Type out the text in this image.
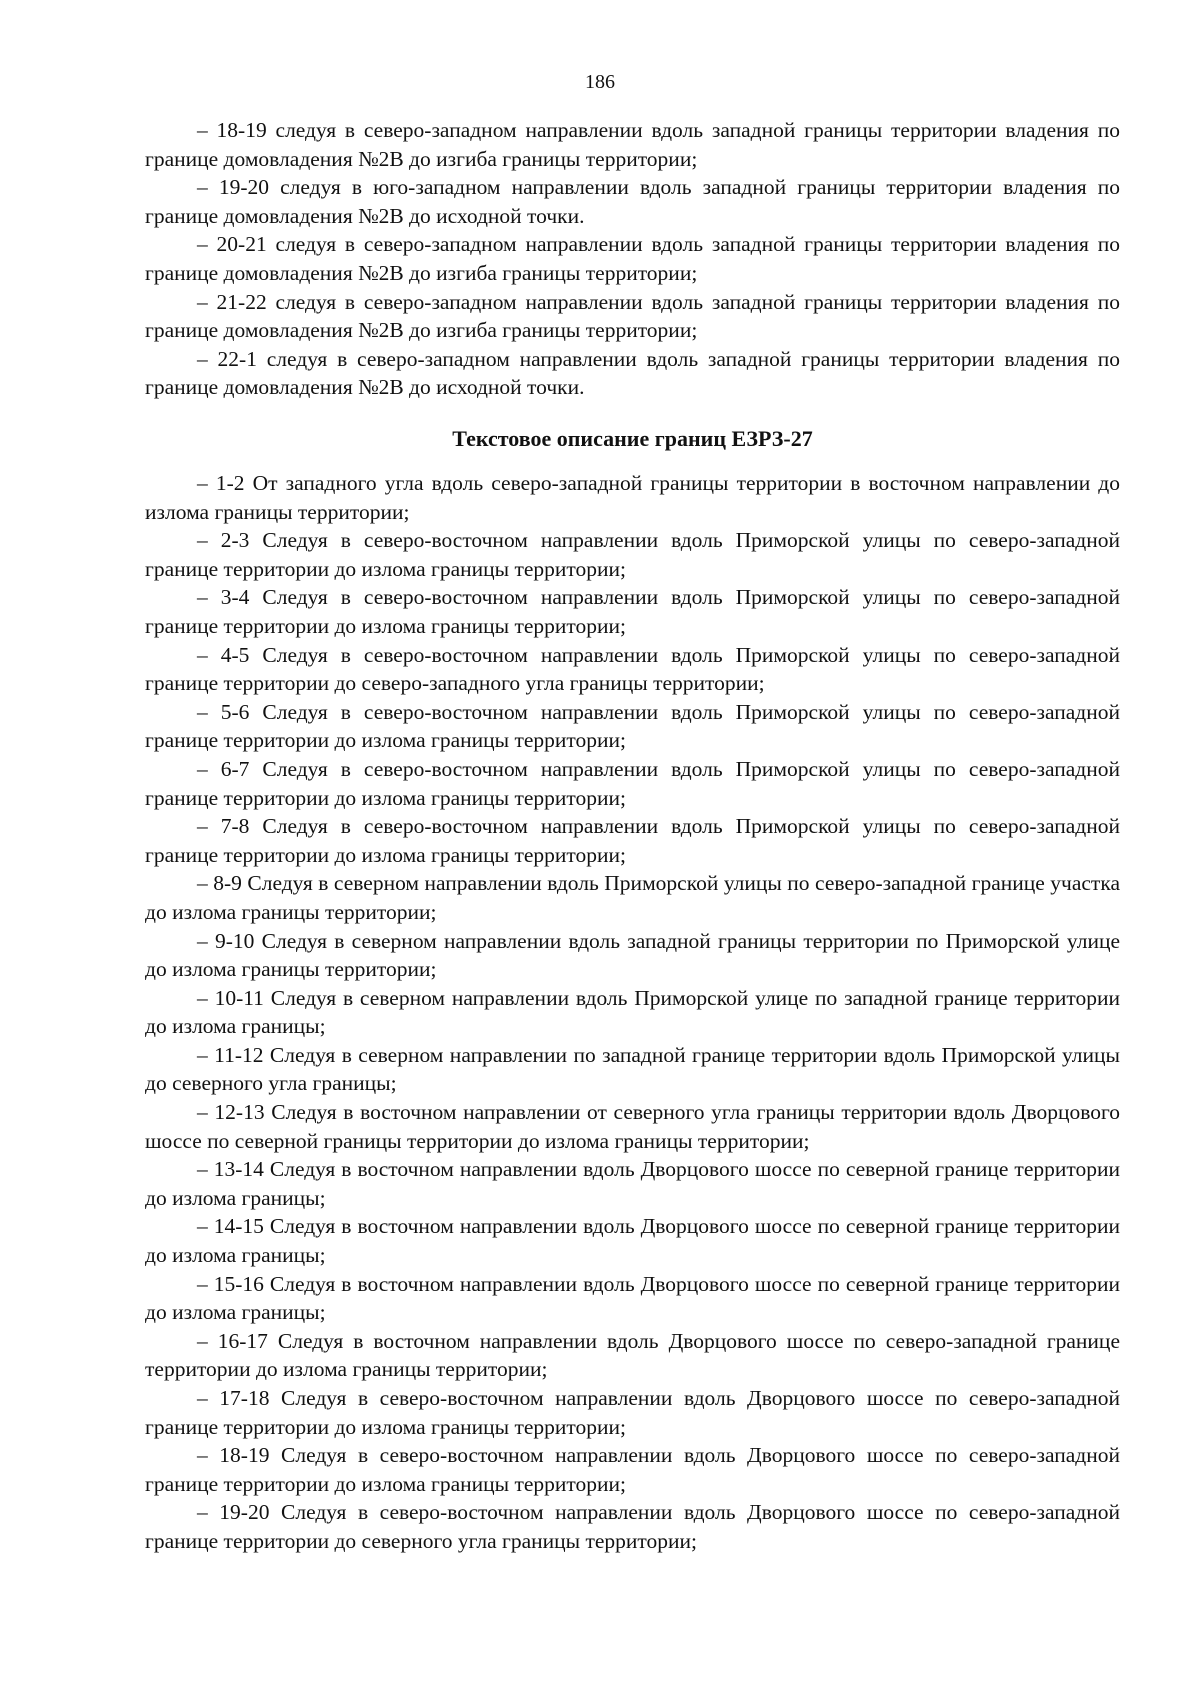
186

– 18-19 следуя в северо-западном направлении вдоль западной границы территории владения по границе домовладения №2В до изгиба границы территории;

– 19-20 следуя в юго-западном направлении вдоль западной границы территории владения по границе домовладения №2В до исходной точки.

– 20-21 следуя в северо-западном направлении вдоль западной границы территории владения по границе домовладения №2В до изгиба границы территории;

– 21-22 следуя в северо-западном направлении вдоль западной границы территории владения по границе домовладения №2В до изгиба границы территории;

– 22-1 следуя в северо-западном направлении вдоль западной границы территории владения по границе домовладения №2В до исходной точки.

Текстовое описание границ ЕЗРЗ-27

– 1-2 От западного угла вдоль северо-западной границы территории в восточном направлении до излома границы территории;

– 2-3 Следуя в северо-восточном направлении вдоль Приморской улицы по северо-западной границе территории до излома границы территории;

– 3-4 Следуя в северо-восточном направлении вдоль Приморской улицы по северо-западной границе территории до излома границы территории;

– 4-5 Следуя в северо-восточном направлении вдоль Приморской улицы по северо-западной границе территории до северо-западного угла границы территории;

– 5-6 Следуя в северо-восточном направлении вдоль Приморской улицы по северо-западной границе территории до излома границы территории;

– 6-7 Следуя в северо-восточном направлении вдоль Приморской улицы по северо-западной границе территории до излома границы территории;

– 7-8 Следуя в северо-восточном направлении вдоль Приморской улицы по северо-западной границе территории до излома границы территории;

– 8-9 Следуя в северном направлении вдоль Приморской улицы по северо-западной границе участка до излома границы территории;

– 9-10 Следуя в северном направлении вдоль западной границы территории по Приморской улице до излома границы территории;

– 10-11 Следуя в северном направлении вдоль Приморской улице по западной границе территории до излома границы;

– 11-12 Следуя в северном направлении по западной границе территории вдоль Приморской улицы до северного угла границы;

– 12-13 Следуя в восточном направлении от северного угла границы территории вдоль Дворцового шоссе по северной границы территории до излома границы территории;

– 13-14 Следуя в восточном направлении вдоль Дворцового шоссе по северной границе территории до излома границы;

– 14-15 Следуя в восточном направлении вдоль Дворцового шоссе по северной границе территории до излома границы;

– 15-16 Следуя в восточном направлении вдоль Дворцового шоссе по северной границе территории до излома границы;

– 16-17 Следуя в восточном направлении вдоль Дворцового шоссе по северо-западной границе территории до излома границы территории;

– 17-18 Следуя в северо-восточном направлении вдоль Дворцового шоссе по северо-западной границе территории до излома границы территории;

– 18-19 Следуя в северо-восточном направлении вдоль Дворцового шоссе по северо-западной границе территории до излома границы территории;

– 19-20 Следуя в северо-восточном направлении вдоль Дворцового шоссе по северо-западной границе территории до северного угла границы территории;
